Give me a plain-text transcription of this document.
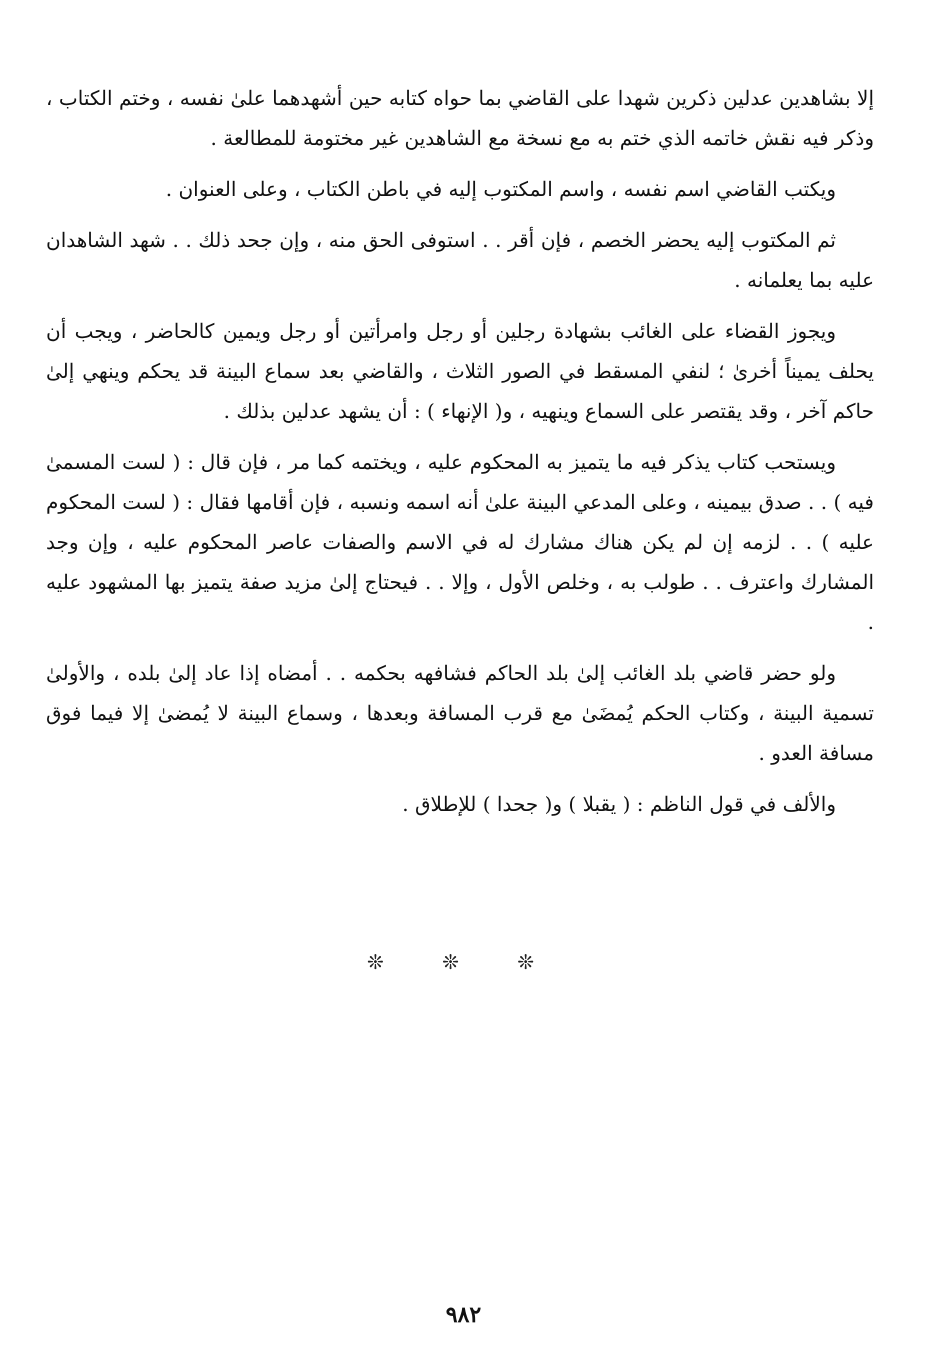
إلا بشاهدين عدلين ذكرين شهدا على القاضي بما حواه كتابه حين أشهدهما علىٰ نفسه ، وختم الكتاب ، وذكر فيه نقش خاتمه الذي ختم به مع نسخة مع الشاهدين غير مختومة للمطالعة .

ويكتب القاضي اسم نفسه ، واسم المكتوب إليه في باطن الكتاب ، وعلى العنوان .

ثم المكتوب إليه يحضر الخصم ، فإن أقر . . استوفى الحق منه ، وإن جحد ذلك . . شهد الشاهدان عليه بما يعلمانه .

ويجوز القضاء على الغائب بشهادة رجلين أو رجل وامرأتين أو رجل ويمين كالحاضر ، ويجب أن يحلف يميناً أخرىٰ ؛ لنفي المسقط في الصور الثلاث ، والقاضي بعد سماع البينة قد يحكم وينهي إلىٰ حاكم آخر ، وقد يقتصر على السماع وينهيه ، و( الإنهاء ) : أن يشهد عدلين بذلك .

ويستحب كتاب يذكر فيه ما يتميز به المحكوم عليه ، ويختمه كما مر ، فإن قال : ( لست المسمىٰ فيه ) . . صدق بيمينه ، وعلى المدعي البينة علىٰ أنه اسمه ونسبه ، فإن أقامها فقال : ( لست المحكوم عليه ) . . لزمه إن لم يكن هناك مشارك له في الاسم والصفات عاصر المحكوم عليه ، وإن وجد المشارك واعترف . . طولب به ، وخلص الأول ، وإلا . . فيحتاج إلىٰ مزيد صفة يتميز بها المشهود عليه .

ولو حضر قاضي بلد الغائب إلىٰ بلد الحاكم فشافهه بحكمه . . أمضاه إذا عاد إلىٰ بلده ، والأولىٰ تسمية البينة ، وكتاب الحكم يُمضَىٰ مع قرب المسافة وبعدها ، وسماع البينة لا يُمضىٰ إلا فيما فوق مسافة العدو .

والألف في قول الناظم : ( يقبلا ) و( جحدا ) للإطلاق .

❊ ❊ ❊
٩٨٢
